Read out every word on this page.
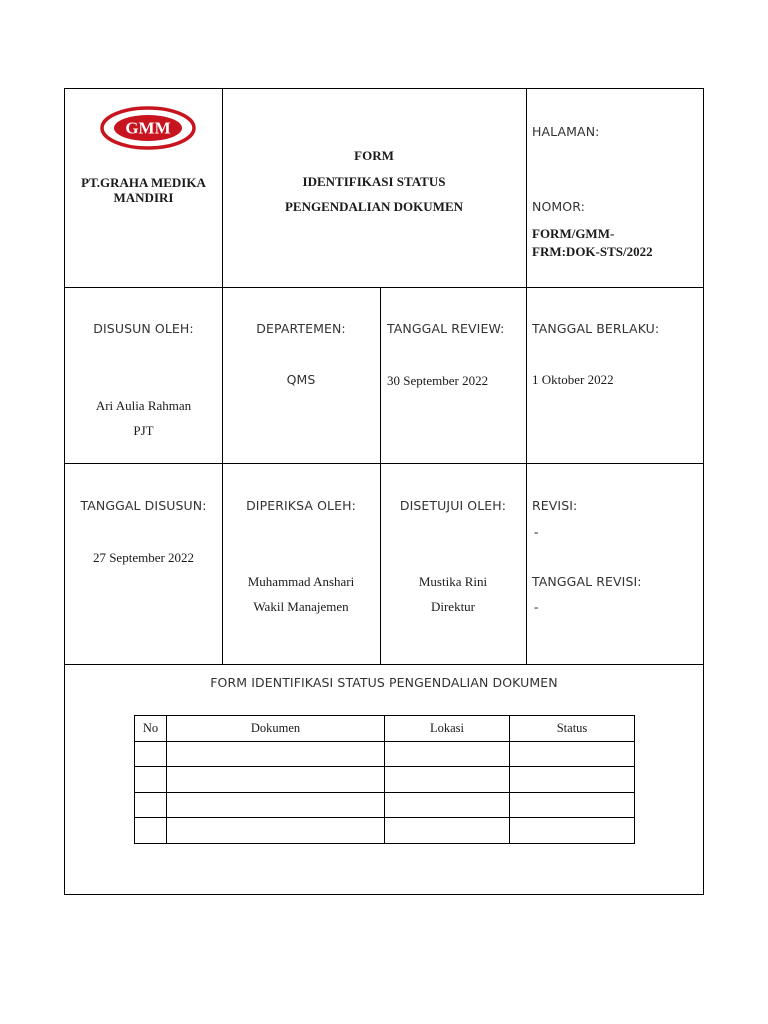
GMM
PT.GRAHA MEDIKA
MANDIRI
FORM
IDENTIFIKASI STATUS
PENGENDALIAN DOKUMEN
HALAMAN:
NOMOR:
FORM/GMM-
FRM:DOK-STS/2022
DISUSUN OLEH:
Ari Aulia Rahman
PJT
DEPARTEMEN:
QMS
TANGGAL REVIEW:
30 September 2022
TANGGAL BERLAKU:
1 Oktober 2022
TANGGAL DISUSUN:
27 September 2022
DIPERIKSA OLEH:
Muhammad Anshari
Wakil Manajemen
DISETUJUI OLEH:
Mustika Rini
Direktur
REVISI:
-
TANGGAL REVISI:
-
FORM IDENTIFIKASI STATUS PENGENDALIAN DOKUMEN
No	Dokumen	Lokasi	Status
